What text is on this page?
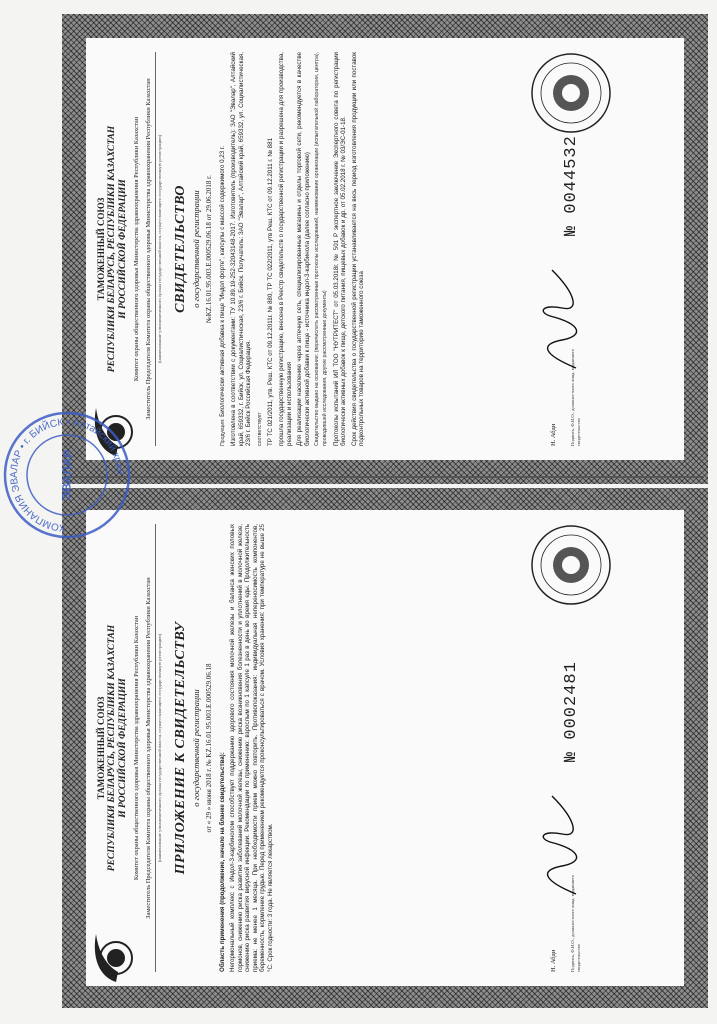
ТАМОЖЕННЫЙ СОЮЗ РЕСПУБЛИКИ БЕЛАРУСЬ, РЕСПУБЛИКИ КАЗАХСТАН И РОССИЙСКОЙ ФЕДЕРАЦИИ Комитет охраны общественного здоровья Министерства здравоохранения Республики Казахстан Заместитель Председателя Комитета охраны общественного здоровья Министерства здравоохранения Республики Казахстан	(наименование уполномоченного органа государственной власти, осуществляющего государственную регистрацию) СВИДЕТЕЛЬСТВО о государственной регистрации №KZ.16.01.95.003.E.000529.06.18 от 29.06.2018 г.

Продукция: Биологически активная добавка к пище "Индол форте", капсулы с массой содержимого 0,23 г. Изготовлена в соответствии с документами: ТУ 10.89.19-252-32043148-2017. Изготовитель (производитель): ЗАО "Эвалар", Алтайский край, 659332, г. Бийск, ул. Социалистическая, 23/6 г. Бийск. Получатель: ЗАО "Эвалар", Алтайский край, 659332, ул. Социалистическая, 23/6 г. Бийск Российская Федерация. соответствует ТР ТС 021/2011, утв. Реш. КТС от 09.12.2011г. № 880, ТР ТС 022/2011, утв Реш. КТС от 09.12.2011 г. № 881 прошла государственную регистрацию, внесена в Реестр свидетельств о государственной регистрации и разрешена для производства, реализации и использования Для реализации населению через аптечную сеть, специализированные магазины и отделы торговой сети, рекомендуется в качестве биологически активной добавки к пище - источника индол-3-карбинола (далее согласно приложению) Свидетельство выдано на основании: (перечислить рассмотренные протоколы исследований, наименование организации (испытательной лаборатории, центра), проводившей исследования, другие рассмотренные документы) Протоколы испытаний ИЛ ТОО "НУТРИТЕСТ" от 05.03.2018г. № 501 Р экспертное заключение Экспертного совета по регистрации биологически активных добавок к пище, детского питания, пищевых добавок и др. от 05.02.2018 г. № 03/ЭС-01-18. Срок действия свидетельства о государственной регистрации устанавливается на весь период изготовления продукции или поставок подконтрольных товаров на территорию таможенного союза	Н. Абди	Подпись, Ф.И.О., должностного лица, выдавшего свидетельство
№ 0044532
ТАМОЖЕННЫЙ СОЮЗ РЕСПУБЛИКИ БЕЛАРУСЬ, РЕСПУБЛИКИ КАЗАХСТАН И РОССИЙСКОЙ ФЕДЕРАЦИИ Комитет охраны общественного здоровья Министерства здравоохранения Республики Казахстан Заместитель Председателя Комитета охраны общественного здоровья Министерства здравоохранения Республики Казахстан	(наименование уполномоченного органа государственной власти, осуществляющего государственную регистрацию) ПРИЛОЖЕНИЕ К СВИДЕТЕЛЬСТВУ о государственной регистрации от « 29 » июня 2018 г. № KZ.16.01.95.003.E.000529.06.18

Область применения (продолжение, начало на бланке свидетельства): Негормональный комплекс с Индол-3-карбинолом способствует поддержанию здорового состояния молочной железы и баланса женских половых гормонов, снижению риска развития заболеваний молочной железы, снижению риска возникновения болезненности и уплотнений в молочной железе, снижению риска развития вирусной инфекции. Рекомендации по применению: взрослым по 1 капсуле 1 раз в день во время еды. Продолжительность приема: не менее 1 месяца. При необходимости прием можно повторить. Противопоказания: индивидуальная непереносимость компонентов, беременность, кормление грудью. Перед применением рекомендуется проконсультироваться с врачом. Условия хранения: при температуре не выше 25 °С. Срок годности: 3 года. Не является лекарством.	Н. Абди	Подпись, Ф.И.О., должностного лица, выдавшего свидетельство
№ 0002481
КОМПАНИЯ ЭВАЛАР • г. БИЙСК • Алтайский край
ЭВАЛАР
